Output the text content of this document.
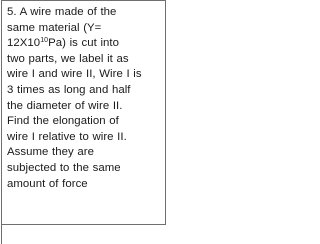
5. A wire made of the
same material (Y=
$12X10^{10}Pa$) is cut into
two parts, we label it as
wire I and wire II, Wire I is
3 times as long and half
the diameter of wire II.
Find the elongation of
wire I relative to wire II.
Assume they are
subjected to the same
amount of force
